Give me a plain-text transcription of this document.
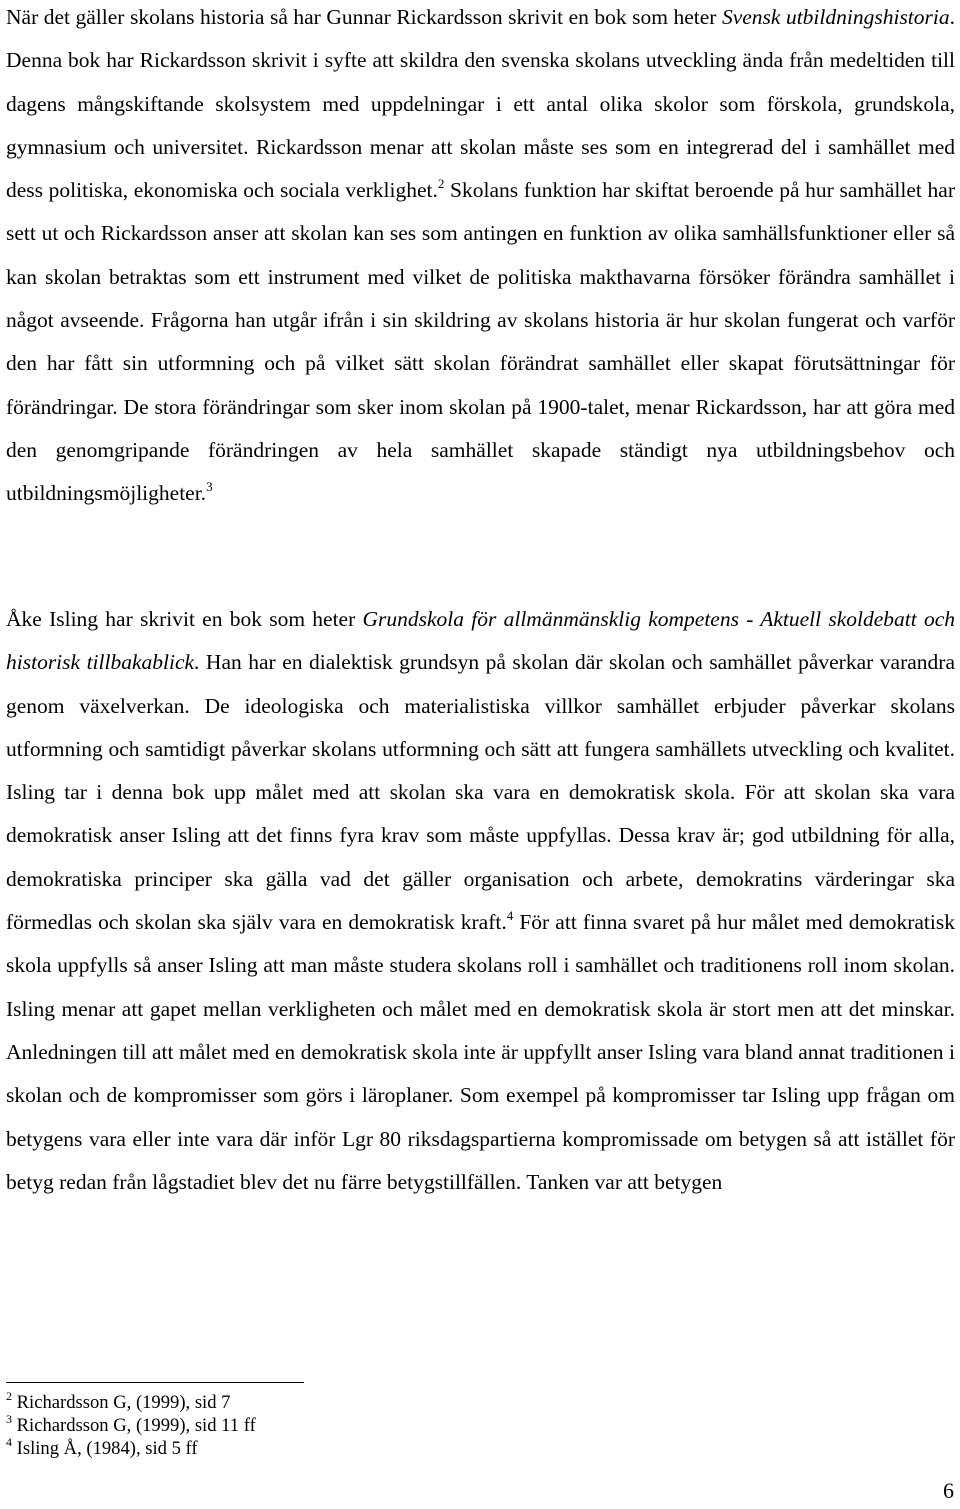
När det gäller skolans historia så har Gunnar Rickardsson skrivit en bok som heter Svensk utbildningshistoria. Denna bok har Rickardsson skrivit i syfte att skildra den svenska skolans utveckling ända från medeltiden till dagens mångskiftande skolsystem med uppdelningar i ett antal olika skolor som förskola, grundskola, gymnasium och universitet. Rickardsson menar att skolan måste ses som en integrerad del i samhället med dess politiska, ekonomiska och sociala verklighet.$^2$ Skolans funktion har skiftat beroende på hur samhället har sett ut och Rickardsson anser att skolan kan ses som antingen en funktion av olika samhällsfunktioner eller så kan skolan betraktas som ett instrument med vilket de politiska makthavarna försöker förändra samhället i något avseende. Frågorna han utgår ifrån i sin skildring av skolans historia är hur skolan fungerat och varför den har fått sin utformning och på vilket sätt skolan förändrat samhället eller skapat förutsättningar för förändringar. De stora förändringar som sker inom skolan på 1900-talet, menar Rickardsson, har att göra med den genomgripande förändringen av hela samhället skapade ständigt nya utbildningsbehov och utbildningsmöjligheter.$^3$

Åke Isling har skrivit en bok som heter Grundskola för allmänmänsklig kompetens - Aktuell skoldebatt och historisk tillbakablick. Han har en dialektisk grundsyn på skolan där skolan och samhället påverkar varandra genom växelverkan. De ideologiska och materialistiska villkor samhället erbjuder påverkar skolans utformning och samtidigt påverkar skolans utformning och sätt att fungera samhällets utveckling och kvalitet. Isling tar i denna bok upp målet med att skolan ska vara en demokratisk skola. För att skolan ska vara demokratisk anser Isling att det finns fyra krav som måste uppfyllas. Dessa krav är; god utbildning för alla, demokratiska principer ska gälla vad det gäller organisation och arbete, demokratins värderingar ska förmedlas och skolan ska själv vara en demokratisk kraft.$^4$ För att finna svaret på hur målet med demokratisk skola uppfylls så anser Isling att man måste studera skolans roll i samhället och traditionens roll inom skolan. Isling menar att gapet mellan verkligheten och målet med en demokratisk skola är stort men att det minskar. Anledningen till att målet med en demokratisk skola inte är uppfyllt anser Isling vara bland annat traditionen i skolan och de kompromisser som görs i läroplaner. Som exempel på kompromisser tar Isling upp frågan om betygens vara eller inte vara där inför Lgr 80 riksdagspartierna kompromissade om betygen så att istället för betyg redan från lågstadiet blev det nu färre betygstillfällen. Tanken var att betygen

$^2$ Richardsson G, (1999), sid 7
$^3$ Richardsson G, (1999), sid 11 ff
$^4$ Isling Å, (1984), sid 5 ff
6
